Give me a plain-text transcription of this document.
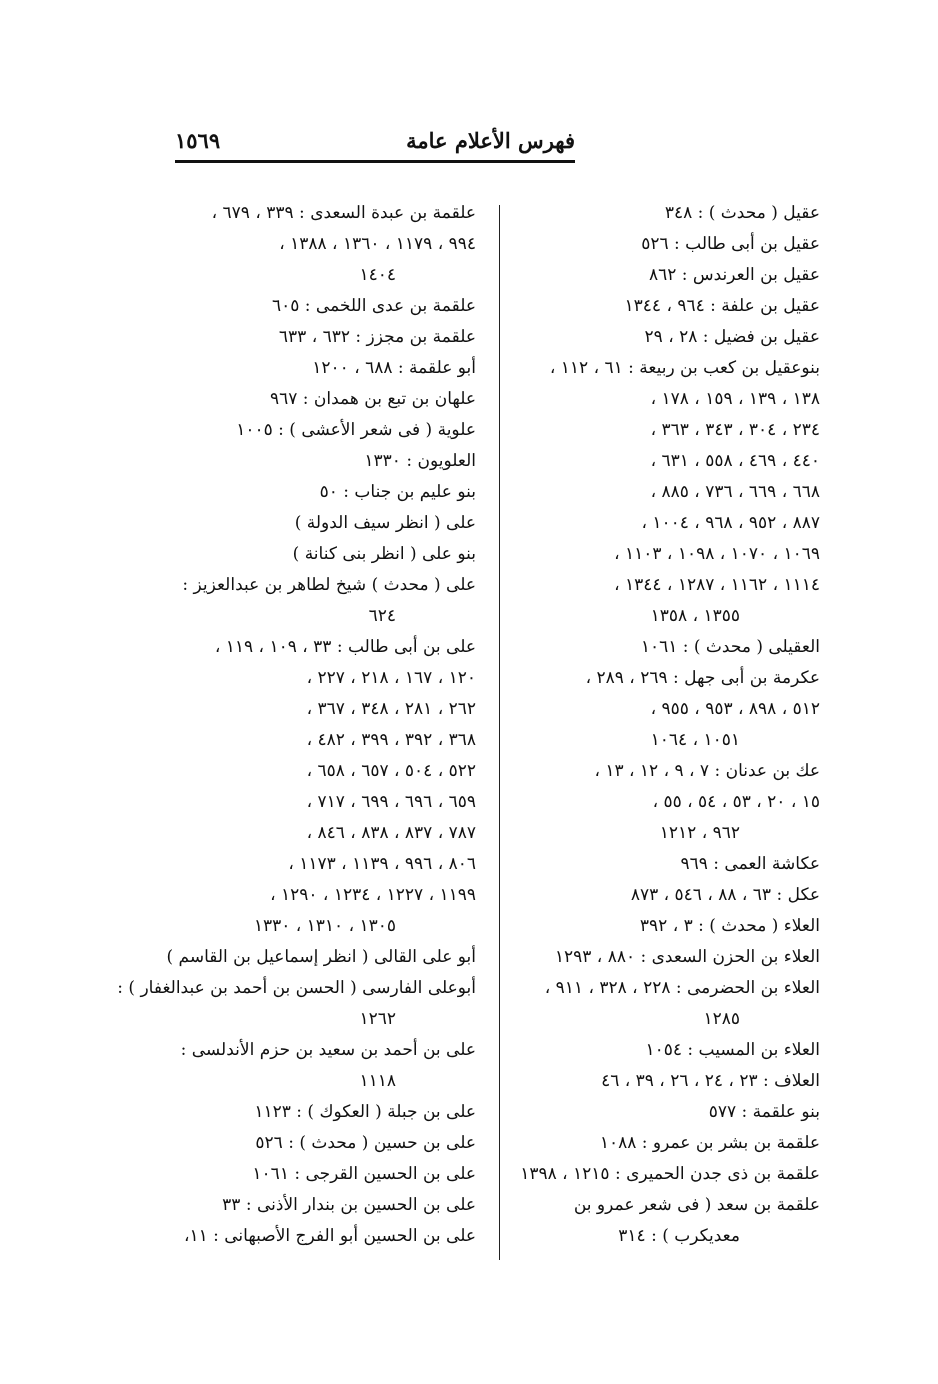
فهرس الأعلام عامة
١٥٦٩
عقيل ( محدث ) : ٣٤٨
عقيل بن أبى طالب : ٥٢٦
عقيل بن العرندس : ٨٦٢
عقيل بن علفة : ٩٦٤ ، ١٣٤٤
عقيل بن فضيل : ٢٨ ، ٢٩
بنوعقيل بن كعب بن ربيعة : ٦١ ، ١١٢ ،
١٣٨ ، ١٣٩ ، ١٥٩ ، ١٧٨ ،
٢٣٤ ، ٣٠٤ ، ٣٤٣ ، ٣٦٣ ،
٤٤٠ ، ٤٦٩ ، ٥٥٨ ، ٦٣١ ،
٦٦٨ ، ٦٦٩ ، ٧٣٦ ، ٨٨٥ ،
٨٨٧ ، ٩٥٢ ، ٩٦٨ ، ١٠٠٤ ،
١٠٦٩ ، ١٠٧٠ ، ١٠٩٨ ، ١١٠٣ ،
١١١٤ ، ١١٦٢ ، ١٢٨٧ ، ١٣٤٤ ،
١٣٥٥ ، ١٣٥٨
العقيلى ( محدث ) : ١٠٦١
عكرمة بن أبى جهل : ٢٦٩ ، ٢٨٩ ،
٥١٢ ، ٨٩٨ ، ٩٥٣ ، ٩٥٥ ،
١٠٥١ ، ١٠٦٤
عك بن عدنان : ٧ ، ٩ ، ١٢ ، ١٣ ،
١٥ ، ٢٠ ، ٥٣ ، ٥٤ ، ٥٥ ،
٩٦٢ ، ١٢١٢
عكاشة العمى : ٩٦٩
عكل : ٦٣ ، ٨٨ ، ٥٤٦ ، ٨٧٣
العلاء ( محدث ) : ٣ ، ٣٩٢
العلاء بن الحزن السعدى : ٨٨٠ ، ١٢٩٣
العلاء بن الحضرمى : ٢٢٨ ، ٣٢٨ ، ٩١١ ،
١٢٨٥
العلاء بن المسيب : ١٠٥٤
العلاف : ٢٣ ، ٢٤ ، ٢٦ ، ٣٩ ، ٤٦
بنو علقمة : ٥٧٧
علقمة بن بشر بن عمرو : ١٠٨٨
علقمة بن ذى جدن الحميرى : ١٢١٥ ، ١٣٩٨
علقمة بن سعد ( فى شعر عمرو بن
معديكرب ) : ٣١٤
علقمة بن عبدة السعدى : ٣٣٩ ، ٦٧٩ ،
٩٩٤ ، ١١٧٩ ، ١٣٦٠ ، ١٣٨٨ ،
١٤٠٤
علقمة بن عدى اللخمى : ٦٠٥
علقمة بن مجزز : ٦٣٢ ، ٦٣٣
أبو علقمة : ٦٨٨ ، ١٢٠٠
علهان بن تبع بن همدان : ٩٦٧
علوية ( فى شعر الأعشى ) : ١٠٠٥
العلويون : ١٣٣٠
بنو عليم بن جناب : ٥٠
على ( انظر سيف الدولة )
بنو على ( انظر بنى كنانة )
على ( محدث ) شيخ لطاهر بن عبدالعزيز :
٦٢٤
على بن أبى طالب : ٣٣ ، ١٠٩ ، ١١٩ ،
١٢٠ ، ١٦٧ ، ٢١٨ ، ٢٢٧ ،
٢٦٢ ، ٢٨١ ، ٣٤٨ ، ٣٦٧ ،
٣٦٨ ، ٣٩٢ ، ٣٩٩ ، ٤٨٢ ،
٥٢٢ ، ٥٠٤ ، ٦٥٧ ، ٦٥٨ ،
٦٥٩ ، ٦٩٦ ، ٦٩٩ ، ٧١٧ ،
٧٨٧ ، ٨٣٧ ، ٨٣٨ ، ٨٤٦ ،
٨٠٦ ، ٩٩٦ ، ١١٣٩ ، ١١٧٣ ،
١١٩٩ ، ١٢٢٧ ، ١٢٣٤ ، ١٢٩٠ ،
١٣٠٥ ، ١٣١٠ ، ١٣٣٠
أبو على القالى ( انظر إسماعيل بن القاسم )
أبوعلى الفارسى ( الحسن بن أحمد بن عبدالغفار ) :
١٢٦٢
على بن أحمد بن سعيد بن حزم الأندلسى :
١١١٨
على بن جبلة ( العكوك ) : ١١٢٣
على بن حسين ( محدث ) : ٥٢٦
على بن الحسين القرجى : ١٠٦١
على بن الحسين بن بندار الأذنى : ٣٣
على بن الحسين أبو الفرج الأصبهانى : ١١،
